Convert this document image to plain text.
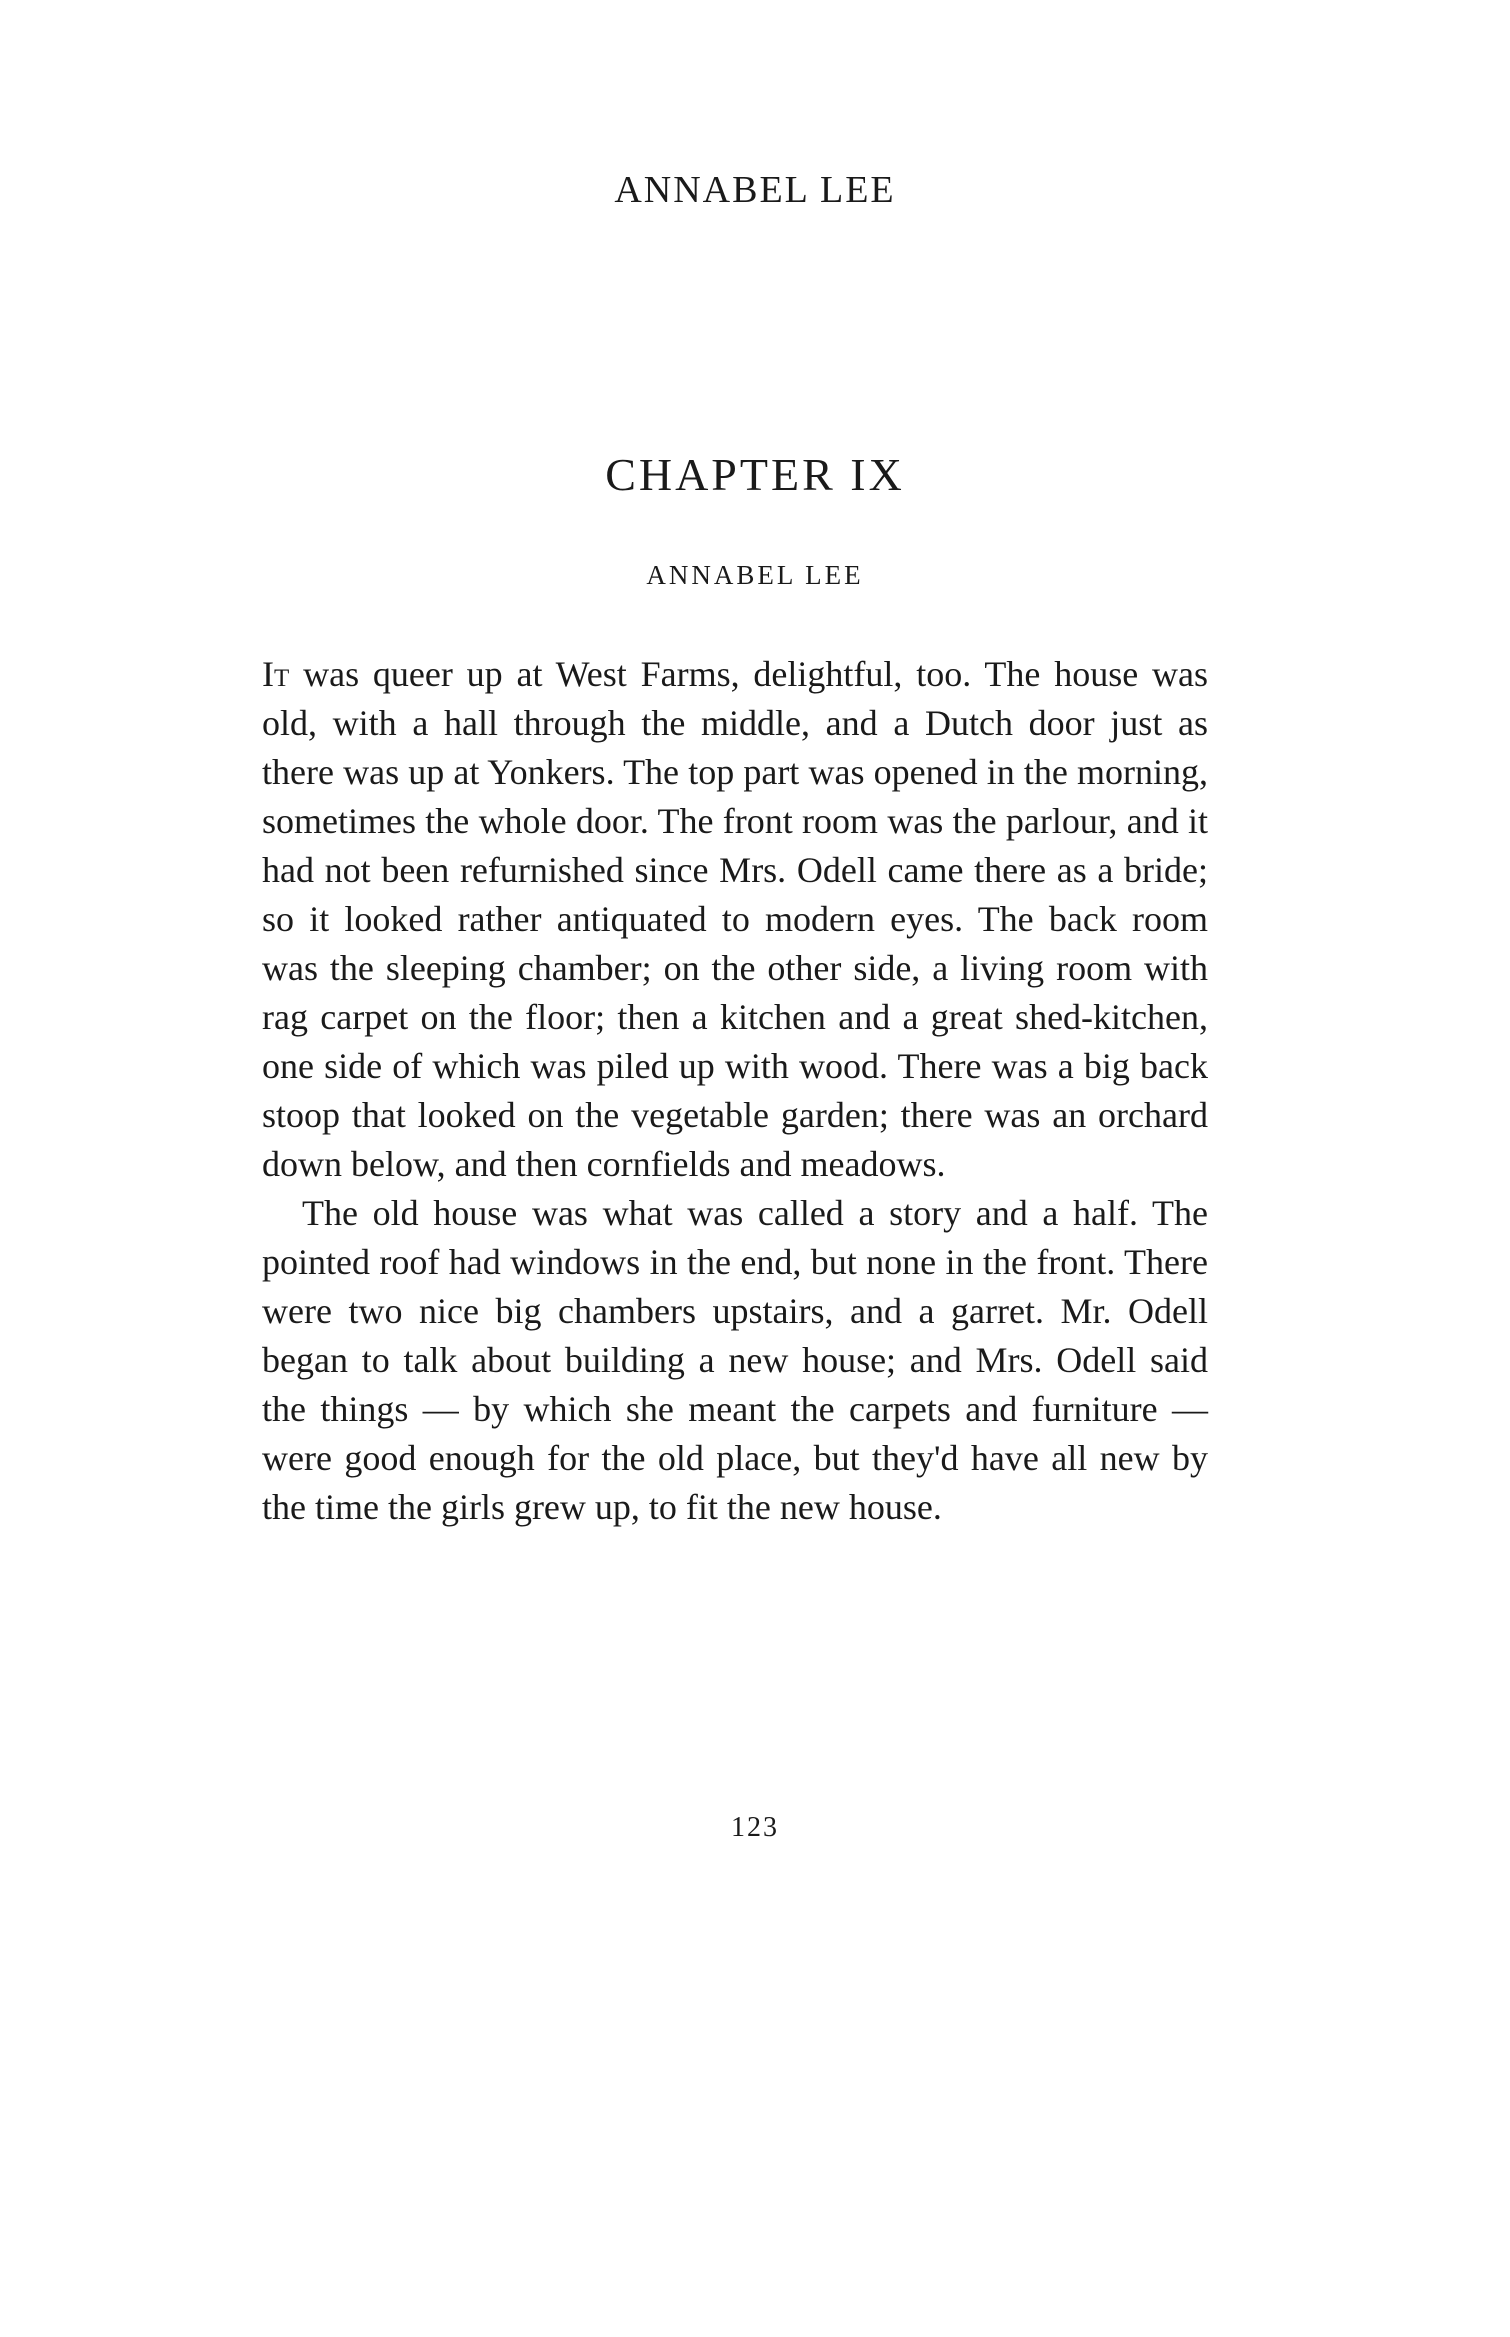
ANNABEL LEE
CHAPTER IX
ANNABEL LEE

It was queer up at West Farms, delightful, too. The house was old, with a hall through the middle, and a Dutch door just as there was up at Yonkers. The top part was opened in the morning, sometimes the whole door. The front room was the parlour, and it had not been refurnished since Mrs. Odell came there as a bride; so it looked rather antiquated to modern eyes. The back room was the sleeping chamber; on the other side, a living room with rag carpet on the floor; then a kitchen and a great shed-kitchen, one side of which was piled up with wood. There was a big back stoop that looked on the vegetable garden; there was an orchard down below, and then cornfields and meadows.

The old house was what was called a story and a half. The pointed roof had windows in the end, but none in the front. There were two nice big chambers upstairs, and a garret. Mr. Odell began to talk about building a new house; and Mrs. Odell said the things — by which she meant the carpets and furniture — were good enough for the old place, but they'd have all new by the time the girls grew up, to fit the new house.

123
